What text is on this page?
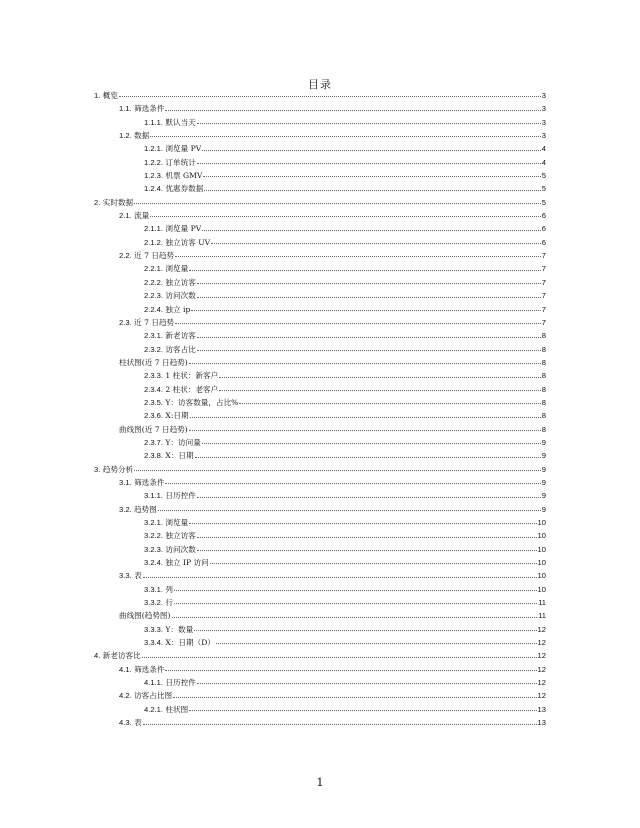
目录
1. 概览	3
1.1. 筛选条件	3
1.1.1. 默认当天	3
1.2. 数据	3
1.2.1. 浏览量 PV	4
1.2.2. 订单统计	4
1.2.3. 机票 GMV	5
1.2.4. 优惠券数据	5
2. 实时数据	5
2.1. 流量	6
2.1.1. 浏览量 PV	6
2.1.2. 独立访客 UV	6
2.2. 近 7 日趋势	7
2.2.1. 浏览量	7
2.2.2. 独立访客	7
2.2.3. 访问次数	7
2.2.4. 独立 ip	7
2.3. 近 7 日趋势	7
2.3.1. 新老访客	8
2.3.2. 访客占比	8
柱状图(近 7 日趋势)	8
2.3.3. 1 柱状：新客户	8
2.3.4. 2 柱状：老客户	8
2.3.5. Y：访客数量，占比%	8
2.3.6. X:日期	8
曲线图(近 7 日趋势)	8
2.3.7. Y：访问量	9
2.3.8. X：日期	9
3. 趋势分析	9
3.1. 筛选条件	9
3.1.1. 日历控件	9
3.2. 趋势图	9
3.2.1. 浏览量	10
3.2.2. 独立访客	10
3.2.3. 访问次数	10
3.2.4. 独立 IP 访问	10
3.3. 表	10
3.3.1. 列	10
3.3.2. 行	11
曲线图(趋势图)	11
3.3.3. Y：数量	12
3.3.4. X：日期（D）	12
4. 新老访客比	12
4.1. 筛选条件	12
4.1.1. 日历控件	12
4.2. 访客占比图	12
4.2.1. 柱状图	13
4.3. 表	13
1
